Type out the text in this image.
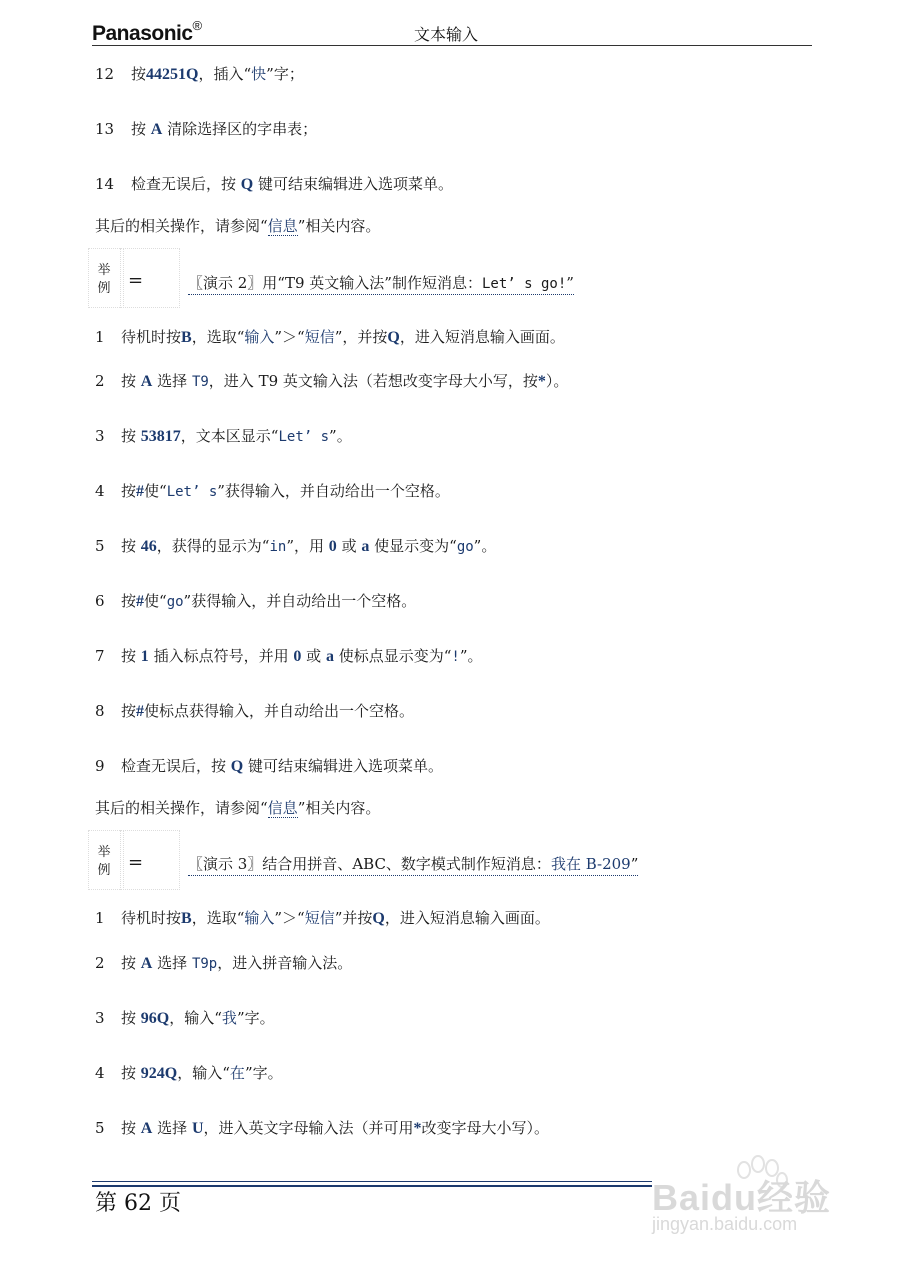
Panasonic®	文本输入
12 按44251Q，插入“快”字；
13 按 A 清除选择区的字串表；
14 检查无误后，按 Q 键可结束编辑进入选项菜单。
其后的相关操作，请参阅“信息”相关内容。
举例 =	〖演示 2〗用“T9 英文输入法”制作短消息：Let’ s go!”
1 待机时按B，选取“输入”＞“短信”，并按Q，进入短消息输入画面。
2 按 A 选择 T9，进入 T9 英文输入法（若想改变字母大小写，按*）。
3 按 53817，文本区显示“Let’ s”。
4 按#使“Let’ s”获得输入，并自动给出一个空格。
5 按 46，获得的显示为“in”，用 0 或 a 使显示变为“go”。
6 按#使“go”获得输入，并自动给出一个空格。
7 按 1 插入标点符号，并用 0 或 a 使标点显示变为“!”。
8 按#使标点获得输入，并自动给出一个空格。
9 检查无误后，按 Q 键可结束编辑进入选项菜单。
其后的相关操作，请参阅“信息”相关内容。
举例 =	〖演示 3〗结合用拼音、ABC、数字模式制作短消息：我在 B-209”
1 待机时按B，选取“输入”＞“短信”并按Q，进入短消息输入画面。
2 按 A 选择 T9p，进入拼音输入法。
3 按 96Q，输入“我”字。
4 按 924Q，输入“在”字。
5 按 A 选择 U，进入英文字母输入法（并可用*改变字母大小写）。
第 62 页	Baidu经验
jingyan.baidu.com
